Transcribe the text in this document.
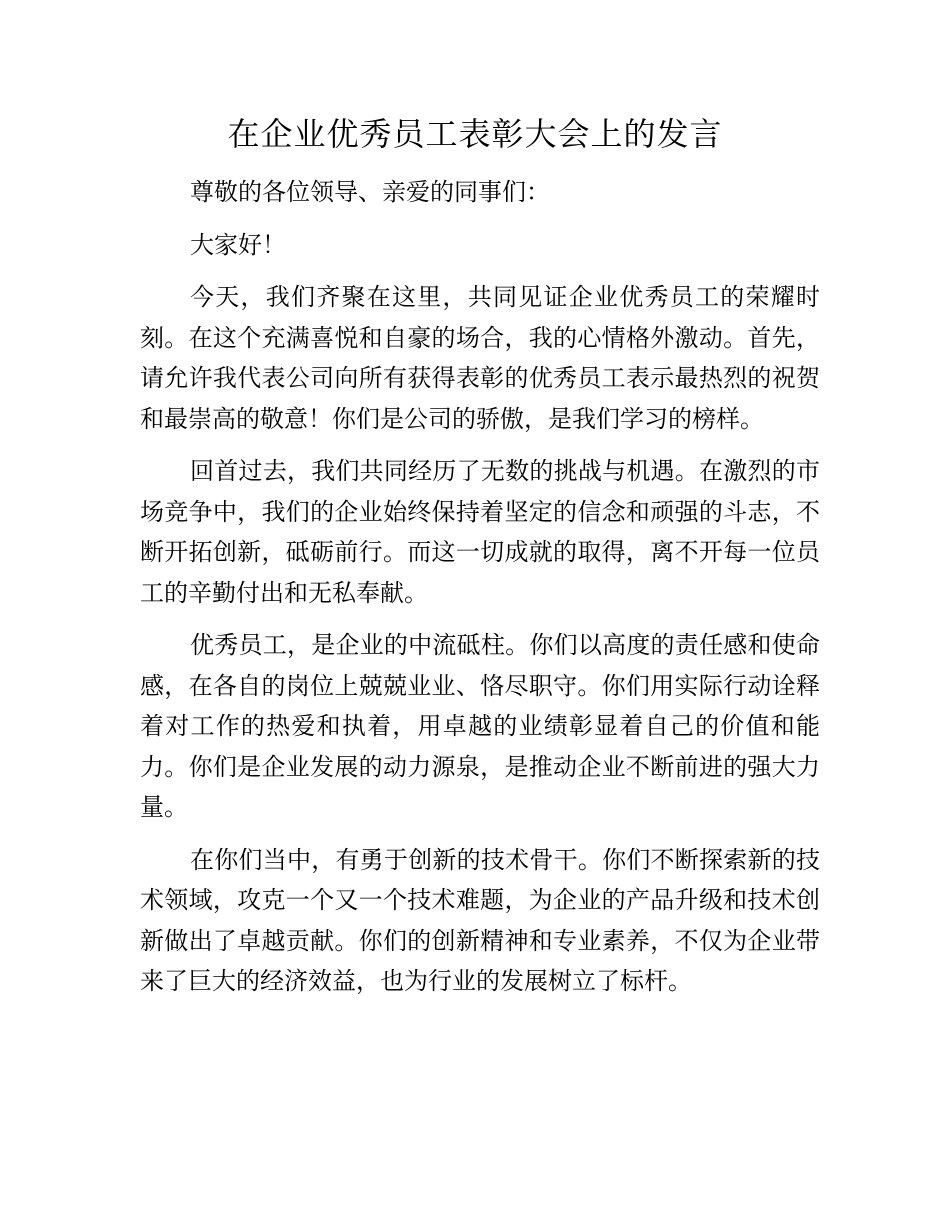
在企业优秀员工表彰大会上的发言

尊敬的各位领导、亲爱的同事们：

大家好！

今天，我们齐聚在这里，共同见证企业优秀员工的荣耀时刻。在这个充满喜悦和自豪的场合，我的心情格外激动。首先，请允许我代表公司向所有获得表彰的优秀员工表示最热烈的祝贺和最崇高的敬意！你们是公司的骄傲，是我们学习的榜样。

回首过去，我们共同经历了无数的挑战与机遇。在激烈的市场竞争中，我们的企业始终保持着坚定的信念和顽强的斗志，不断开拓创新，砥砺前行。而这一切成就的取得，离不开每一位员工的辛勤付出和无私奉献。

优秀员工，是企业的中流砥柱。你们以高度的责任感和使命感，在各自的岗位上兢兢业业、恪尽职守。你们用实际行动诠释着对工作的热爱和执着，用卓越的业绩彰显着自己的价值和能力。你们是企业发展的动力源泉，是推动企业不断前进的强大力量。

在你们当中，有勇于创新的技术骨干。你们不断探索新的技术领域，攻克一个又一个技术难题，为企业的产品升级和技术创新做出了卓越贡献。你们的创新精神和专业素养，不仅为企业带来了巨大的经济效益，也为行业的发展树立了标杆。
